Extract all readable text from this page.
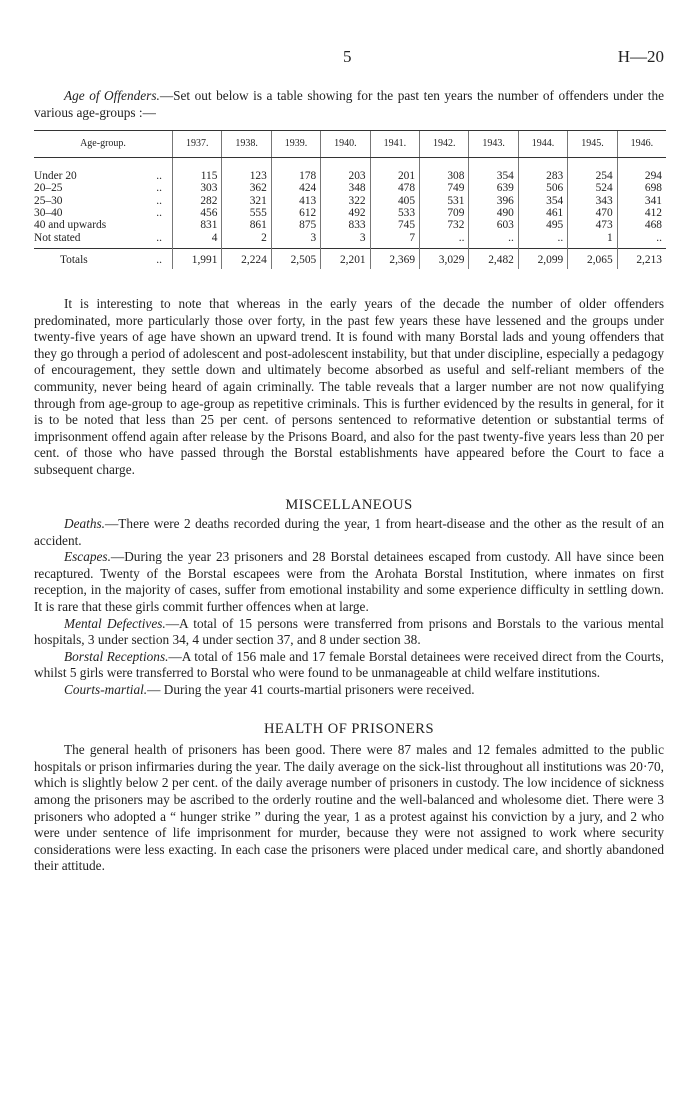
5	H—20

Age of Offenders.—Set out below is a table showing for the past ten years the number of offenders under the various age-groups :—

Age-group.	1937.	1938.	1939.	1940.	1941.	1942.	1943.	1944.	1945.	1946.

..
Under 20	115	123	178	203	201	308	354	283	254	294

..
20–25	303	362	424	348	478	749	639	506	524	698

..
25–30	282	321	413	322	405	531	396	354	343	341

..
30–40	456	555	612	492	533	709	490	461	470	412

40 and upwards	831	861	875	833	745	732	603	495	473	468

..
Not stated	4	2	3	3	7	..	..	..	1	..

..
Totals	1,991	2,224	2,505	2,201	2,369	3,029	2,482	2,099	2,065	2,213

It is interesting to note that whereas in the early years of the decade the number of older offenders predominated, more particularly those over forty, in the past few years these have lessened and the groups under twenty-five years of age have shown an upward trend. It is found with many Borstal lads and young offenders that they go through a period of adolescent and post-adolescent instability, but that under discipline, especially a pedagogy of encouragement, they settle down and ultimately become absorbed as useful and self-reliant members of the community, never being heard of again criminally. The table reveals that a larger number are not now qualifying through from age-group to age-group as repetitive criminals. This is further evidenced by the results in general, for it is to be noted that less than 25 per cent. of persons sentenced to reformative detention or substantial terms of imprisonment offend again after release by the Prisons Board, and also for the past twenty-five years less than 20 per cent. of those who have passed through the Borstal establishments have appeared before the Court to face a subsequent charge.

MISCELLANEOUS

Deaths.—There were 2 deaths recorded during the year, 1 from heart-disease and the other as the result of an accident.

Escapes.—During the year 23 prisoners and 28 Borstal detainees escaped from custody. All have since been recaptured. Twenty of the Borstal escapees were from the Arohata Borstal Institution, where inmates on first reception, in the majority of cases, suffer from emotional instability and some experience difficulty in settling down. It is rare that these girls commit further offences when at large.

Mental Defectives.—A total of 15 persons were transferred from prisons and Borstals to the various mental hospitals, 3 under section 34, 4 under section 37, and 8 under section 38.

Borstal Receptions.—A total of 156 male and 17 female Borstal detainees were received direct from the Courts, whilst 5 girls were transferred to Borstal who were found to be unmanageable at child welfare institutions.

Courts-martial.— During the year 41 courts-martial prisoners were received.

HEALTH OF PRISONERS

The general health of prisoners has been good. There were 87 males and 12 females admitted to the public hospitals or prison infirmaries during the year. The daily average on the sick-list throughout all institutions was 20·70, which is slightly below 2 per cent. of the daily average number of prisoners in custody. The low incidence of sickness among the prisoners may be ascribed to the orderly routine and the well-balanced and wholesome diet. There were 3 prisoners who adopted a “ hunger strike ” during the year, 1 as a protest against his conviction by a jury, and 2 who were under sentence of life imprisonment for murder, because they were not assigned to work where security considerations were less exacting. In each case the prisoners were placed under medical care, and shortly abandoned their attitude.
